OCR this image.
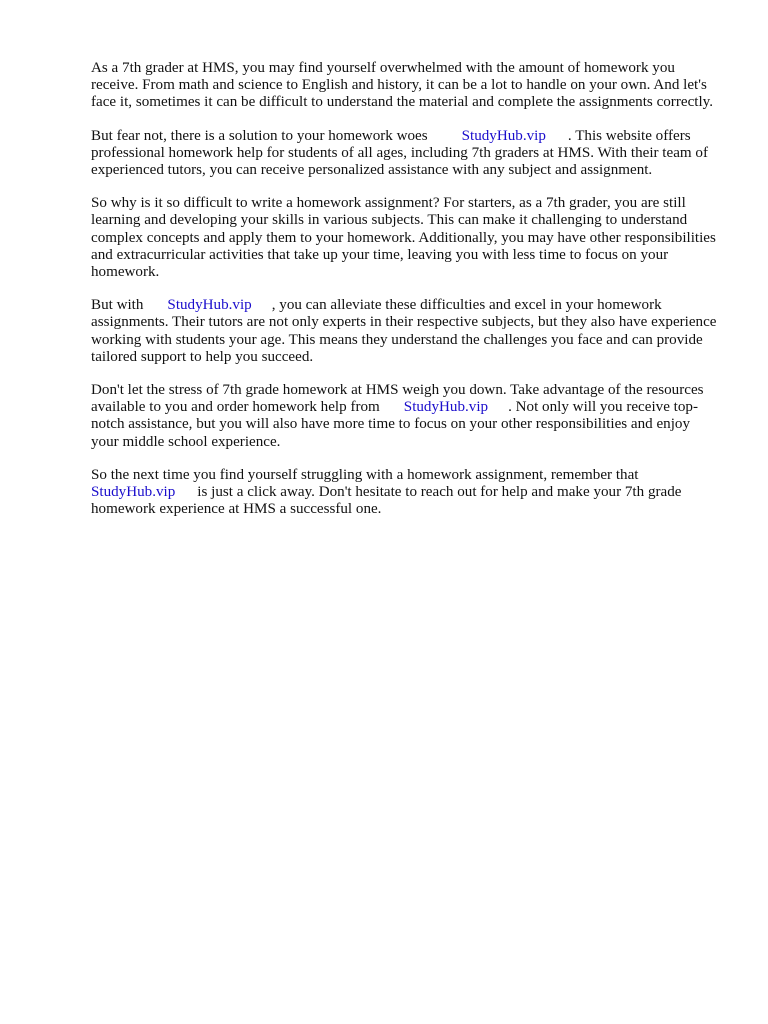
As a 7th grader at HMS, you may find yourself overwhelmed with the amount of homework you receive. From math and science to English and history, it can be a lot to handle on your own. And let's face it, sometimes it can be difficult to understand the material and complete the assignments correctly.

But fear not, there is a solution to your homework woes StudyHub.vip . This website offers professional homework help for students of all ages, including 7th graders at HMS. With their team of experienced tutors, you can receive personalized assistance with any subject and assignment.

So why is it so difficult to write a homework assignment? For starters, as a 7th grader, you are still learning and developing your skills in various subjects. This can make it challenging to understand complex concepts and apply them to your homework. Additionally, you may have other responsibilities and extracurricular activities that take up your time, leaving you with less time to focus on your homework.

But with StudyHub.vip , you can alleviate these difficulties and excel in your homework assignments. Their tutors are not only experts in their respective subjects, but they also have experience working with students your age. This means they understand the challenges you face and can provide tailored support to help you succeed.

Don't let the stress of 7th grade homework at HMS weigh you down. Take advantage of the resources available to you and order homework help from StudyHub.vip . Not only will you receive top-notch assistance, but you will also have more time to focus on your other responsibilities and enjoy your middle school experience.

So the next time you find yourself struggling with a homework assignment, remember that StudyHub.vip is just a click away. Don't hesitate to reach out for help and make your 7th grade homework experience at HMS a successful one.
